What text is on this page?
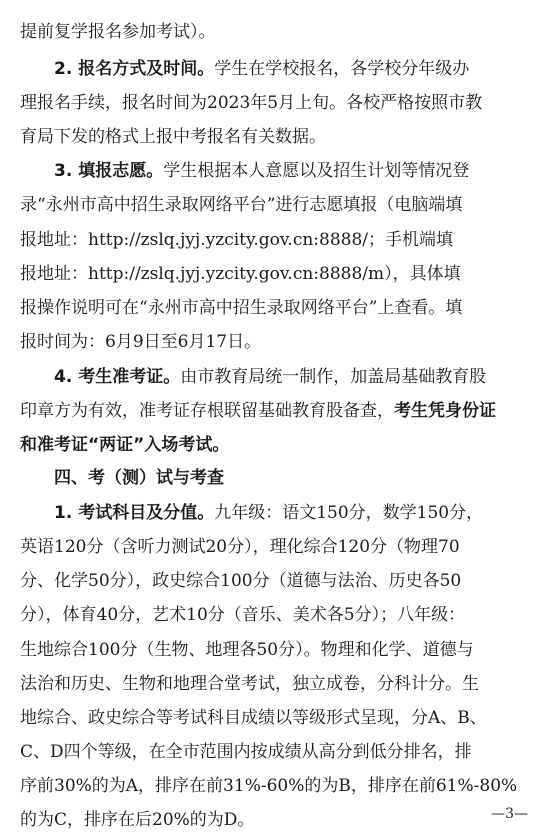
提前复学报名参加考试）。
2. 报名方式及时间。学生在学校报名，各学校分年级办
理报名手续，报名时间为2023年5月上旬。各校严格按照市教
育局下发的格式上报中考报名有关数据。
3. 填报志愿。学生根据本人意愿以及招生计划等情况登
录“永州市高中招生录取网络平台”进行志愿填报（电脑端填
报地址：http://zslq.jyj.yzcity.gov.cn:8888/；手机端填
报地址：http://zslq.jyj.yzcity.gov.cn:8888/m），具体填
报操作说明可在“永州市高中招生录取网络平台”上查看。填
报时间为：6月9日至6月17日。
4. 考生准考证。由市教育局统一制作，加盖局基础教育股
印章方为有效，准考证存根联留基础教育股备查，考生凭身份证
和准考证“两证”入场考试。
四、考（测）试与考查
1. 考试科目及分值。九年级：语文150分，数学150分，
英语120分（含听力测试20分），理化综合120分（物理70
分、化学50分），政史综合100分（道德与法治、历史各50
分），体育40分，艺术10分（音乐、美术各5分）；八年级：
生地综合100分（生物、地理各50分）。物理和化学、道德与
法治和历史、生物和地理合堂考试，独立成卷，分科计分。生
地综合、政史综合等考试科目成绩以等级形式呈现，分A、B、
C、D四个等级，在全市范围内按成绩从高分到低分排名，排
序前30%的为A，排序在前31%-60%的为B，排序在前61%-80%
的为C，排序在后20%的为D。	—3—
